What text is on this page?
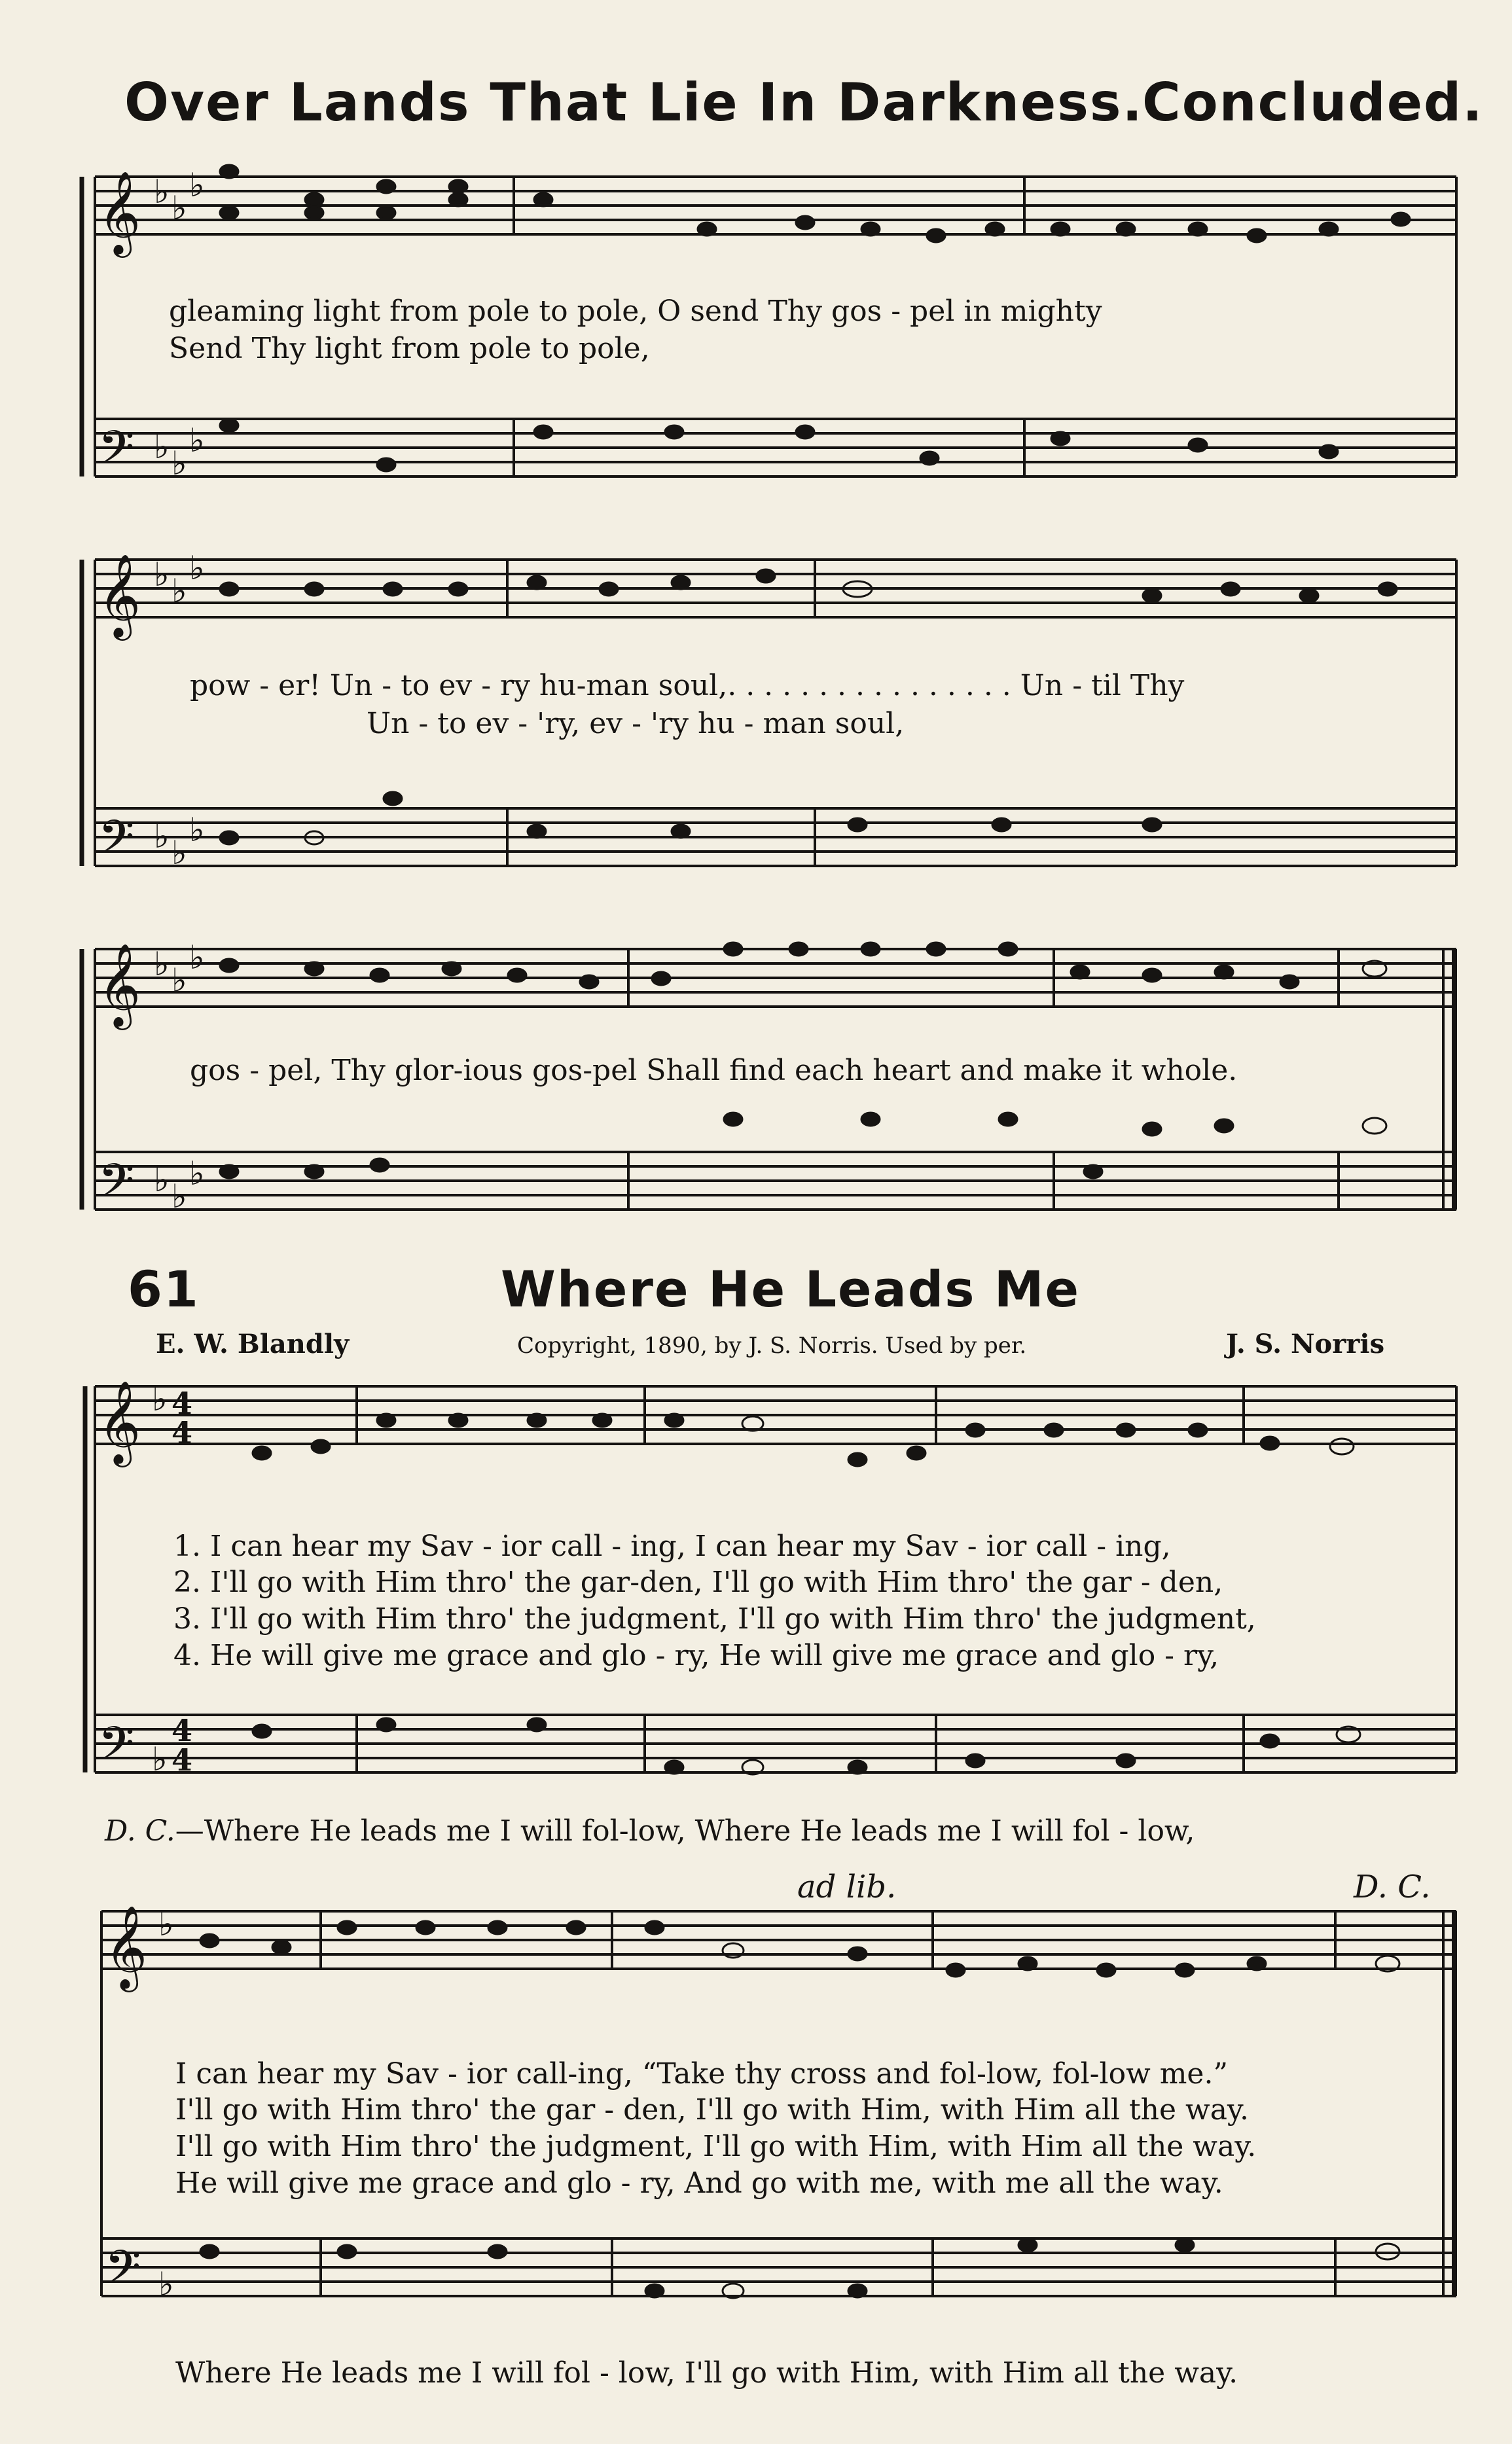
Over Lands That Lie In Darkness.
Concluded.
𝄞
𝄢
♭ ♭
♭
♭ ♭
♭
𝄞
𝄢
♭ ♭
♭
♭ ♭
♭
𝄞
𝄢
♭ ♭
♭
♭ ♭
♭
𝄞
𝄢
♭
♭
4
4
4
4
𝄞
𝄢
♭
♭
gleaming light from pole to pole, O send Thy gos - pel in mighty
Send Thy light from pole to pole,
pow - er! Un - to ev - ry hu-man soul,. . . . . . . . . . . . . . . . Un - til Thy
Un - to ev - 'ry, ev - 'ry hu - man soul,
gos - pel, Thy glor-ious gos-pel Shall find each heart and make it whole.
61	Where He Leads Me
E. W. Blandly	Copyright, 1890, by J. S. Norris. Used by per.	J. S. Norris
1. I can hear my Sav - ior call - ing, I can hear my Sav - ior call - ing,
2. I'll go with Him thro' the gar-den, I'll go with Him thro' the gar - den,
3. I'll go with Him thro' the judgment, I'll go with Him thro' the judgment,
4. He will give me grace and glo - ry, He will give me grace and glo - ry,
D. C.—Where He leads me I will fol-low, Where He leads me I will fol - low,
ad lib.	D. C.
I can hear my Sav - ior call-ing, “Take thy cross and fol-low, fol-low me.”
I'll go with Him thro' the gar - den, I'll go with Him, with Him all the way.
I'll go with Him thro' the judgment, I'll go with Him, with Him all the way.
He will give me grace and glo - ry, And go with me, with me all the way.
Where He leads me I will fol - low, I'll go with Him, with Him all the way.
